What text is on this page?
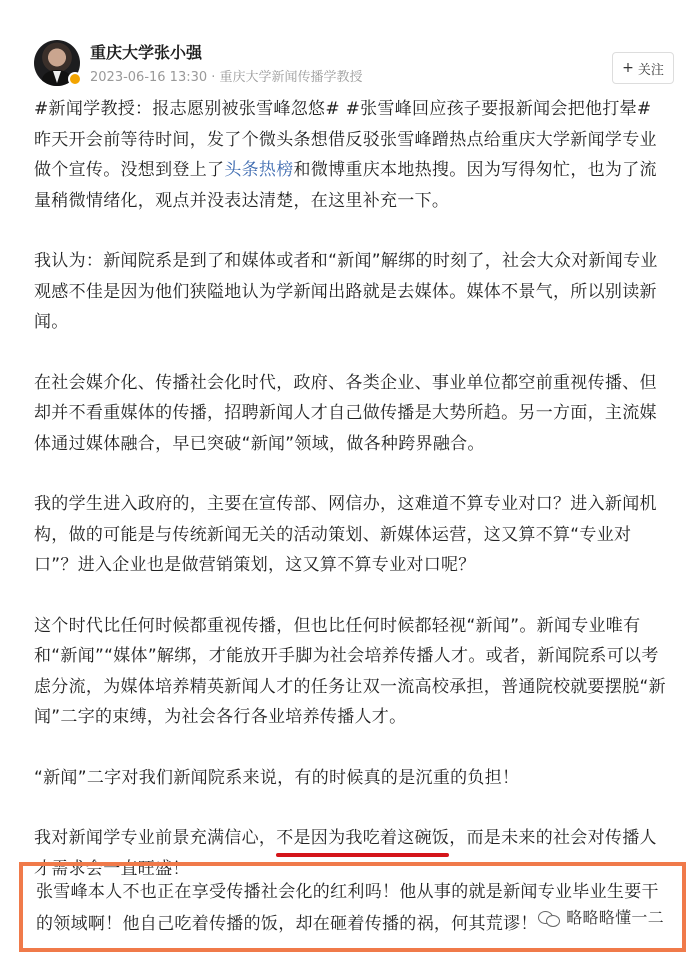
重庆大学张小强
2023-06-16 13:30 · 重庆大学新闻传播学教授
+ 关注

#新闻学教授：报志愿别被张雪峰忽悠# #张雪峰回应孩子要报新闻会把他打晕# 昨天开会前等待时间，发了个微头条想借反驳张雪峰蹭热点给重庆大学新闻学专业做个宣传。没想到登上了头条热榜和微博重庆本地热搜。因为写得匆忙，也为了流量稍微情绪化，观点并没表达清楚，在这里补充一下。

我认为：新闻院系是到了和媒体或者和“新闻”解绑的时刻了，社会大众对新闻专业观感不佳是因为他们狭隘地认为学新闻出路就是去媒体。媒体不景气，所以别读新闻。

在社会媒介化、传播社会化时代，政府、各类企业、事业单位都空前重视传播、但却并不看重媒体的传播，招聘新闻人才自己做传播是大势所趋。另一方面，主流媒体通过媒体融合，早已突破“新闻”领域，做各种跨界融合。

我的学生进入政府的，主要在宣传部、网信办，这难道不算专业对口？进入新闻机构，做的可能是与传统新闻无关的活动策划、新媒体运营，这又算不算“专业对口”？进入企业也是做营销策划，这又算不算专业对口呢？

这个时代比任何时候都重视传播，但也比任何时候都轻视“新闻”。新闻专业唯有和“新闻”“媒体”解绑，才能放开手脚为社会培养传播人才。或者，新闻院系可以考虑分流，为媒体培养精英新闻人才的任务让双一流高校承担，普通院校就要摆脱“新闻”二字的束缚，为社会各行各业培养传播人才。

“新闻”二字对我们新闻院系来说，有的时候真的是沉重的负担！

我对新闻学专业前景充满信心，不是因为我吃着这碗饭
，而是未来的社会对传播人才需求会一直旺盛！

张雪峰本人不也正在享受传播社会化的红利吗！他从事的就是新闻专业毕业生要干的领域啊！他自己吃着传播的饭，却在砸着传播的祸，何其荒谬！	略略略懂一二
